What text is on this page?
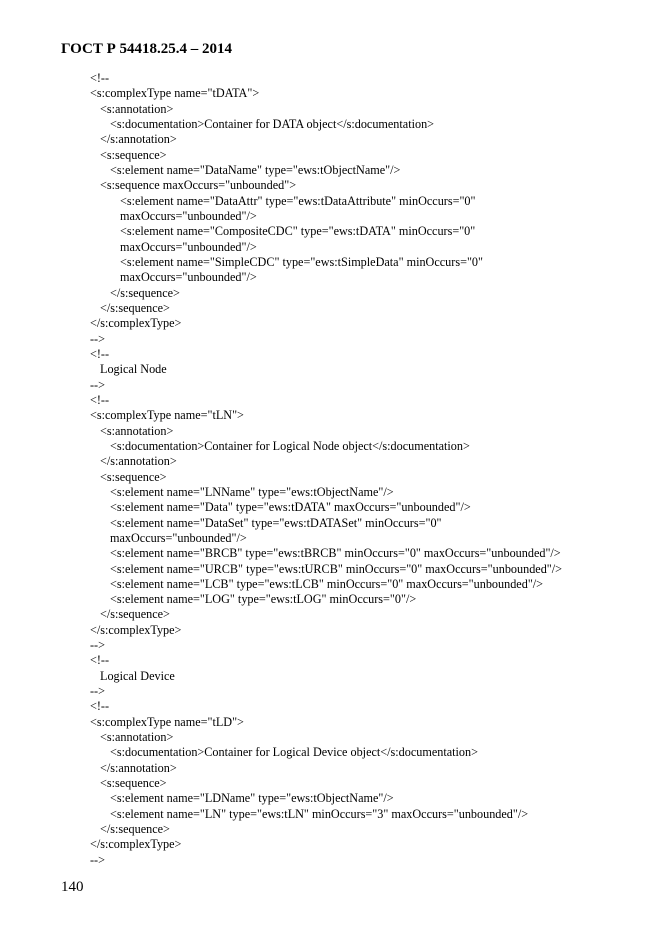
ГОСТ Р 54418.25.4 – 2014
<!--
<s:complexType name="tDATA">
<s:annotation>
<s:documentation>Container for DATA object</s:documentation>
</s:annotation>
<s:sequence>
<s:element name="DataName" type="ews:tObjectName"/>
<s:sequence maxOccurs="unbounded">
<s:element name="DataAttr" type="ews:tDataAttribute" minOccurs="0"
maxOccurs="unbounded"/>
<s:element name="CompositeCDC" type="ews:tDATA" minOccurs="0"
maxOccurs="unbounded"/>
<s:element name="SimpleCDC" type="ews:tSimpleData" minOccurs="0"
maxOccurs="unbounded"/>
</s:sequence>
</s:sequence>
</s:complexType>
-->
<!--
Logical Node
-->
<!--
<s:complexType name="tLN">
<s:annotation>
<s:documentation>Container for Logical Node object</s:documentation>
</s:annotation>
<s:sequence>
<s:element name="LNName" type="ews:tObjectName"/>
<s:element name="Data" type="ews:tDATA" maxOccurs="unbounded"/>
<s:element name="DataSet" type="ews:tDATASet" minOccurs="0"
maxOccurs="unbounded"/>
<s:element name="BRCB" type="ews:tBRCB" minOccurs="0" maxOccurs="unbounded"/>
<s:element name="URCB" type="ews:tURCB" minOccurs="0" maxOccurs="unbounded"/>
<s:element name="LCB" type="ews:tLCB" minOccurs="0" maxOccurs="unbounded"/>
<s:element name="LOG" type="ews:tLOG" minOccurs="0"/>
</s:sequence>
</s:complexType>
-->
<!--
Logical Device
-->
<!--
<s:complexType name="tLD">
<s:annotation>
<s:documentation>Container for Logical Device object</s:documentation>
</s:annotation>
<s:sequence>
<s:element name="LDName" type="ews:tObjectName"/>
<s:element name="LN" type="ews:tLN" minOccurs="3" maxOccurs="unbounded"/>
</s:sequence>
</s:complexType>
-->
140
